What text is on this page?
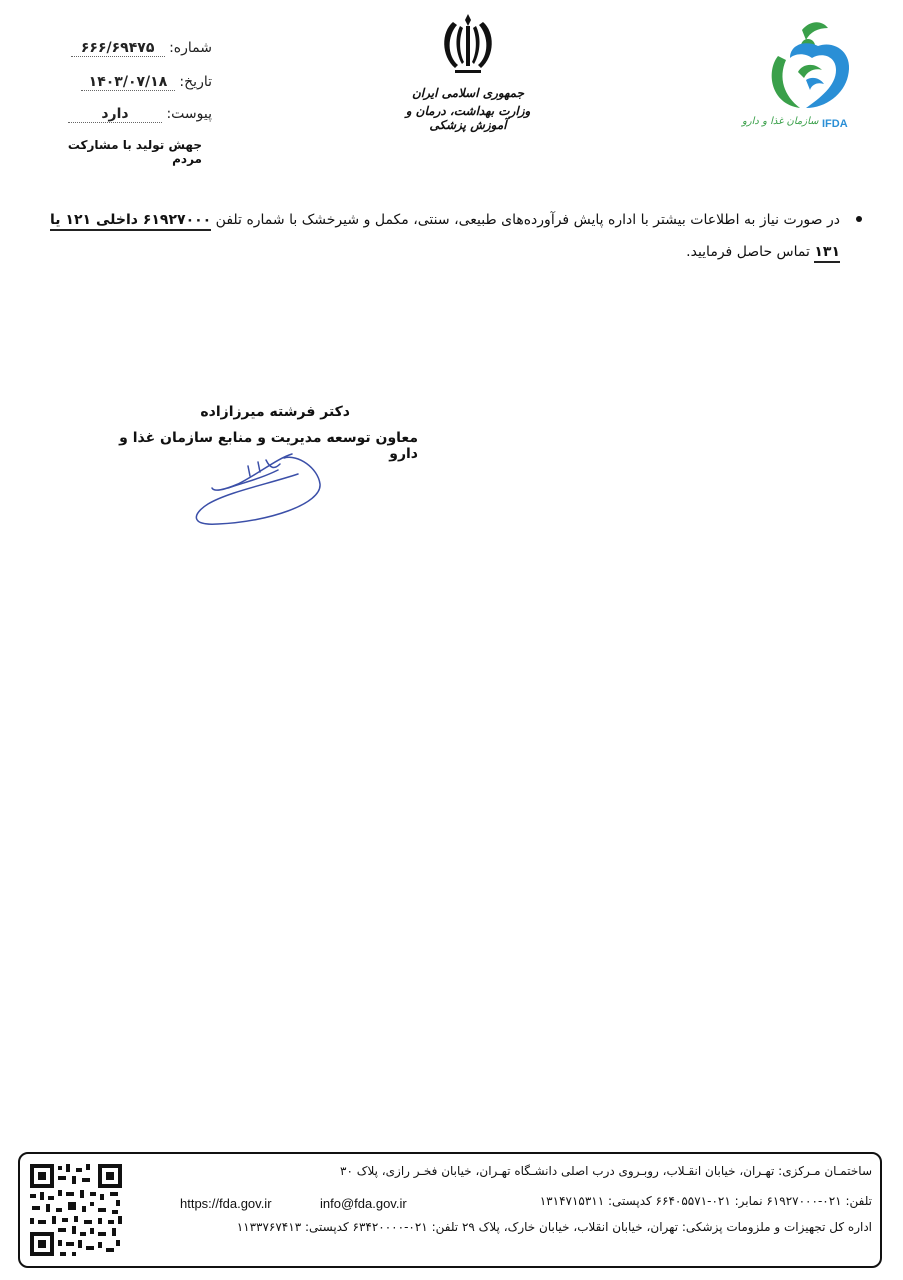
شماره: ۶۶۶/۶۹۴۷۵
تاریخ: ۱۴۰۳/۰۷/۱۸
پیوست: دارد
جهش تولید با مشارکت مردم
جمهوری اسلامی ایران
وزارت بهداشت، درمان و آموزش پزشکی	سازمان غذا و دارو IFDA
در صورت نیاز به اطلاعات بیشتر با اداره پایش فرآورده‌های طبیعی، سنتی، مکمل و شیرخشک با شماره تلفن ۶۱۹۲۷۰۰۰ داخلی ۱۲۱ یا ۱۳۱ تماس حاصل فرمایید.
دکتر فرشته میرزازاده
معاون توسعه مدیریت و منابع سازمان غذا و دارو
ساختمـان مـرکزی: تهـران، خیابان انقـلاب، روبـروی درب اصلی دانشـگاه تهـران، خیابان فخـر رازی، پلاک ۳۰
تلفن: ۰۲۱-۶۱۹۲۷۰۰۰ نمابر: ۰۲۱-۶۶۴۰۵۵۷۱ کدپستی: ۱۳۱۴۷۱۵۳۱۱
https://fda.gov.ir	info@fda.gov.ir
اداره کل تجهیزات و ملزومات پزشکی: تهران، خیابان انقلاب، خیابان خارک، پلاک ۲۹ تلفن: ۰۲۱-۶۳۴۲۰۰۰۰ کدپستی: ۱۱۳۳۷۶۷۴۱۳
